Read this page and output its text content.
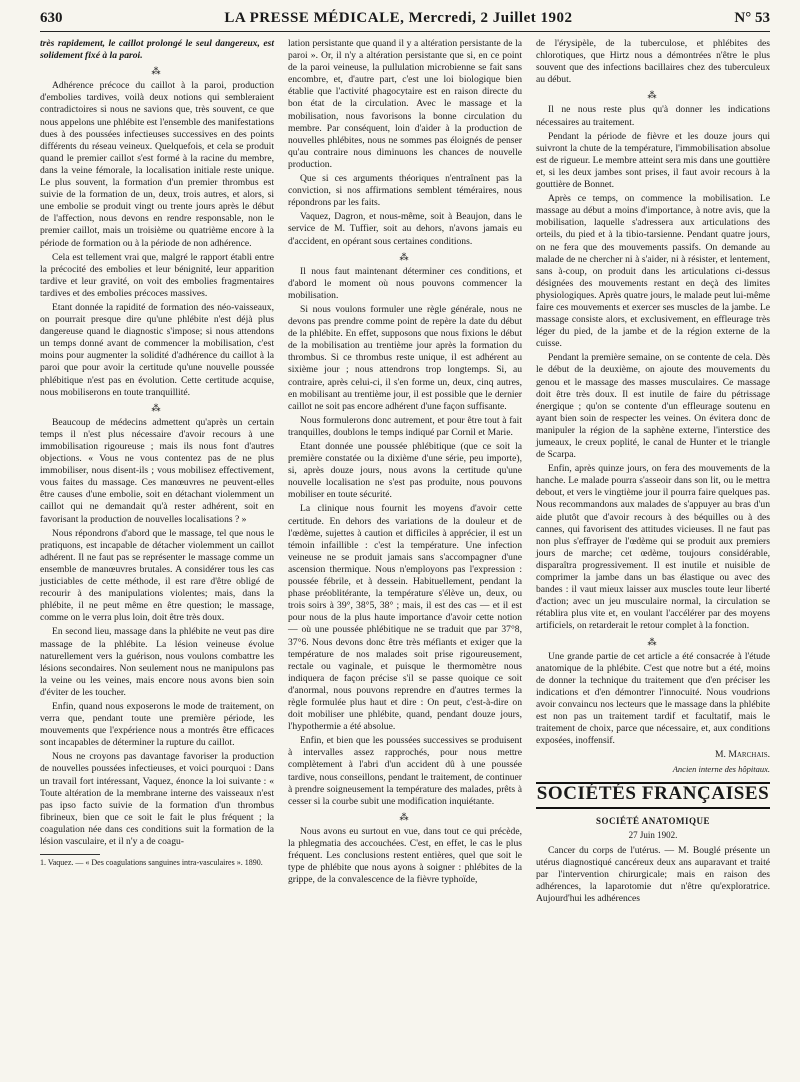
630	LA PRESSE MÉDICALE, Mercredi, 2 Juillet 1902	N° 53

très rapidement, le caillot prolongé le seul dangereux, est solidement fixé à la paroi.

⁂

Adhérence précoce du caillot à la paroi, production d'embolies tardives, voilà deux notions qui sembleraient contradictoires si nous ne savions que, très souvent, ce que nous appelons une phlébite est l'ensemble des manifestations dues à des poussées infectieuses successives en des points différents du réseau veineux. Quelquefois, et cela se produit quand le premier caillot s'est formé à la racine du membre, dans la veine fémorale, la localisation initiale reste unique. Le plus souvent, la formation d'un premier thrombus est suivie de la formation de un, deux, trois autres, et alors, si une embolie se produit vingt ou trente jours après le début de l'affection, nous devons en rendre responsable, non le premier caillot, mais un troisième ou quatrième encore à la période de formation ou à la période de non adhérence.

Cela est tellement vrai que, malgré le rapport établi entre la précocité des embolies et leur bénignité, leur apparition tardive et leur gravité, on voit des embolies fragmentaires tardives et des embolies précoces massives.

Etant donnée la rapidité de formation des néo-vaisseaux, on pourrait presque dire qu'une phlébite n'est déjà plus dangereuse quand le diagnostic s'impose; si nous attendons un temps donné avant de commencer la mobilisation, c'est moins pour augmenter la solidité d'adhérence du caillot à la paroi que pour avoir la certitude qu'une nouvelle poussée phlébitique n'est pas en évolution. Cette certitude acquise, nous mobiliserons en toute tranquillité.

⁂

Beaucoup de médecins admettent qu'après un certain temps il n'est plus nécessaire d'avoir recours à une immobilisation rigoureuse ; mais ils nous font d'autres objections. « Vous ne vous contentez pas de ne plus immobiliser, nous disent-ils ; vous mobilisez effectivement, vous faites du massage. Ces manœuvres ne peuvent-elles être causes d'une embolie, soit en détachant violemment un caillot qui ne demandait qu'à rester adhérent, soit en favorisant la production de nouvelles localisations ? »

Nous répondrons d'abord que le massage, tel que nous le pratiquons, est incapable de détacher violemment un caillot adhérent. Il ne faut pas se représenter le massage comme un ensemble de manœuvres brutales. A considérer tous les cas justiciables de cette méthode, il est rare d'être obligé de recourir à des manipulations violentes; mais, dans la phlébite, il ne peut même en être question; le massage, comme on le verra plus loin, doit être très doux.

En second lieu, massage dans la phlébite ne veut pas dire massage de la phlébite. La lésion veineuse évolue naturellement vers la guérison, nous voulons combattre les lésions secondaires. Non seulement nous ne manipulons pas la veine ou les veines, mais encore nous avons bien soin d'éviter de les toucher.

Enfin, quand nous exposerons le mode de traitement, on verra que, pendant toute une première période, les mouvements que l'expérience nous a montrés être efficaces sont incapables de déterminer la rupture du caillot.

Nous ne croyons pas davantage favoriser la production de nouvelles poussées infectieuses, et voici pourquoi : Dans un travail fort intéressant, Vaquez, énonce la loi suivante : « Toute altération de la membrane interne des vaisseaux n'est pas ipso facto suivie de la formation d'un thrombus fibrineux, bien que ce soit le fait le plus fréquent ; la coagulation née dans ces conditions suit la formation de la lésion vasculaire, et il n'y a de coagu-

1. Vaquez. — « Des coagulations sanguines intra-vasculaires ». 1890.

lation persistante que quand il y a altération persistante de la paroi ». Or, il n'y a altération persistante que si, en ce point de la paroi veineuse, la pullulation microbienne se fait sans encombre, et, d'autre part, c'est une loi biologique bien établie que l'activité phagocytaire est en raison directe du bon état de la circulation. Avec le massage et la mobilisation, nous favorisons la bonne circulation du membre. Par conséquent, loin d'aider à la production de nouvelles phlébites, nous ne sommes pas éloignés de penser qu'au contraire nous diminuons les chances de nouvelle production.

Que si ces arguments théoriques n'entraînent pas la conviction, si nos affirmations semblent téméraires, nous répondrons par les faits.

Vaquez, Dagron, et nous-même, soit à Beaujon, dans le service de M. Tuffier, soit au dehors, n'avons jamais eu d'accident, en opérant sous certaines conditions.

⁂

Il nous faut maintenant déterminer ces conditions, et d'abord le moment où nous pouvons commencer la mobilisation.

Si nous voulons formuler une règle générale, nous ne devons pas prendre comme point de repère la date du début de la phlébite. En effet, supposons que nous fixions le début de la mobilisation au trentième jour après la formation du thrombus. Si ce thrombus reste unique, il est adhérent au sixième jour ; nous attendrons trop longtemps. Si, au contraire, après celui-ci, il s'en forme un, deux, cinq autres, en mobilisant au trentième jour, il est possible que le dernier caillot ne soit pas encore adhérent d'une façon suffisante.

Nous formulerons donc autrement, et pour être tout à fait tranquilles, doublons le temps indiqué par Cornil et Marie.

Etant donnée une poussée phlébitique (que ce soit la première constatée ou la dixième d'une série, peu importe), si, après douze jours, nous avons la certitude qu'une nouvelle localisation ne s'est pas produite, nous pouvons mobiliser en toute sécurité.

La clinique nous fournit les moyens d'avoir cette certitude. En dehors des variations de la douleur et de l'œdème, sujettes à caution et difficiles à apprécier, il est un témoin infaillible : c'est la température. Une infection veineuse ne se produit jamais sans s'accompagner d'une ascension thermique. Nous n'employons pas l'expression : poussée fébrile, et à dessein. Habituellement, pendant la phase préoblitérante, la température s'élève un, deux, ou trois soirs à 39°, 38°5, 38° ; mais, il est des cas — et il est pour nous de la plus haute importance d'avoir cette notion — où une poussée phlébitique ne se traduit que par 37°8, 37°6. Nous devons donc être très méfiants et exiger que la température de nos malades soit prise rigoureusement, rectale ou vaginale, et puisque le thermomètre nous indiquera de façon précise s'il se passe quoique ce soit d'anormal, nous pouvons reprendre en d'autres termes la règle formulée plus haut et dire : On peut, c'est-à-dire on doit mobiliser une phlébite, quand, pendant douze jours, l'hypothermie a été absolue.

Enfin, et bien que les poussées successives se produisent à intervalles assez rapprochés, pour nous mettre complètement à l'abri d'un accident dû à une poussée tardive, nous conseillons, pendant le traitement, de continuer à prendre soigneusement la température des malades, prêts à cesser si la courbe subit une modification inquiétante.

⁂

Nous avons eu surtout en vue, dans tout ce qui précède, la phlegmatia des accouchées. C'est, en effet, le cas le plus fréquent. Les conclusions restent entières, quel que soit le type de phlébite que nous ayons à soigner : phlébites de la grippe, de la convalescence de la fièvre typhoïde,

de l'érysipèle, de la tuberculose, et phlébites des chlorotiques, que Hirtz nous a démontrées n'être le plus souvent que des infections bacillaires chez des tuberculeux au début.

⁂

Il ne nous reste plus qu'à donner les indications nécessaires au traitement.

Pendant la période de fièvre et les douze jours qui suivront la chute de la température, l'immobilisation absolue est de rigueur. Le membre atteint sera mis dans une gouttière et, si les deux jambes sont prises, il faut avoir recours à la gouttière de Bonnet.

Après ce temps, on commence la mobilisation. Le massage au début a moins d'importance, à notre avis, que la mobilisation, laquelle s'adressera aux articulations des orteils, du pied et à la tibio-tarsienne. Pendant quatre jours, on ne fera que des mouvements passifs. On demande au malade de ne chercher ni à s'aider, ni à résister, et lentement, sans à-coup, on produit dans les articulations ci-dessus désignées des mouvements restant en deçà des limites physiologiques. Après quatre jours, le malade peut lui-même faire ces mouvements et exercer ses muscles de la jambe. Le massage consiste alors, et exclusivement, en effleurage très léger du pied, de la jambe et de la région externe de la cuisse.

Pendant la première semaine, on se contente de cela. Dès le début de la deuxième, on ajoute des mouvements du genou et le massage des masses musculaires. Ce massage doit être très doux. Il est inutile de faire du pétrissage énergique ; qu'on se contente d'un effleurage soutenu en ayant bien soin de respecter les veines. On évitera donc de manipuler la région de la saphène externe, l'interstice des jumeaux, le creux poplité, le canal de Hunter et le triangle de Scarpa.

Enfin, après quinze jours, on fera des mouvements de la hanche. Le malade pourra s'asseoir dans son lit, ou le mettra debout, et vers le vingtième jour il pourra faire quelques pas. Nous recommandons aux malades de s'appuyer au bras d'un aide plutôt que d'avoir recours à des béquilles ou à des cannes, qui favorisent des attitudes vicieuses. Il ne faut pas non plus s'effrayer de l'œdème qui se produit aux premiers jours de marche; cet œdème, toujours considérable, disparaîtra progressivement. Il est inutile et nuisible de comprimer la jambe dans un bas élastique ou avec des bandes : il vaut mieux laisser aux muscles toute leur liberté d'action; avec un jeu musculaire normal, la circulation se rétablira plus vite et, en voulant l'accélérer par des moyens artificiels, on retarderait le retour complet à la fonction.

⁂

Une grande partie de cet article a été consacrée à l'étude anatomique de la phlébite. C'est que notre but a été, moins de donner la technique du traitement que d'en préciser les indications et d'en démontrer l'innocuité. Nous voudrions avoir convaincu nos lecteurs que le massage dans la phlébite est non pas un traitement tardif et facultatif, mais le traitement de choix, parce que nécessaire, et, aux conditions exposées, inoffensif.

M. Marchais.

Ancien interne des hôpitaux.

SOCIÉTÉS FRANÇAISES
SOCIÉTÉ ANATOMIQUE
27 Juin 1902.

Cancer du corps de l'utérus. — M. Bouglé présente un utérus diagnostiqué cancéreux deux ans auparavant et traité par l'intervention chirurgicale; mais en raison des adhérences, la laparotomie dut n'être qu'exploratrice. Aujourd'hui les adhérences
